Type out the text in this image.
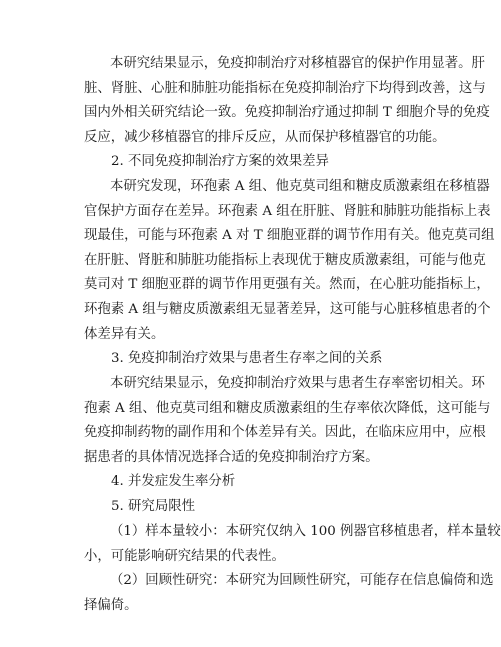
本研究结果显示，免疫抑制治疗对移植器官的保护作用显著。肝
脏、肾脏、心脏和肺脏功能指标在免疫抑制治疗下均得到改善，这与
国内外相关研究结论一致。免疫抑制治疗通过抑制 T 细胞介导的免疫
反应，减少移植器官的排斥反应，从而保护移植器官的功能。
2. 不同免疫抑制治疗方案的效果差异
本研究发现，环孢素 A 组、他克莫司组和糖皮质激素组在移植器
官保护方面存在差异。环孢素 A 组在肝脏、肾脏和肺脏功能指标上表
现最佳，可能与环孢素 A 对 T 细胞亚群的调节作用有关。他克莫司组
在肝脏、肾脏和肺脏功能指标上表现优于糖皮质激素组，可能与他克
莫司对 T 细胞亚群的调节作用更强有关。然而，在心脏功能指标上，
环孢素 A 组与糖皮质激素组无显著差异，这可能与心脏移植患者的个
体差异有关。
3. 免疫抑制治疗效果与患者生存率之间的关系
本研究结果显示，免疫抑制治疗效果与患者生存率密切相关。环
孢素 A 组、他克莫司组和糖皮质激素组的生存率依次降低，这可能与
免疫抑制药物的副作用和个体差异有关。因此，在临床应用中，应根
据患者的具体情况选择合适的免疫抑制治疗方案。
4. 并发症发生率分析
5. 研究局限性
（1）样本量较小：本研究仅纳入 100 例器官移植患者，样本量较
小，可能影响研究结果的代表性。
（2）回顾性研究：本研究为回顾性研究，可能存在信息偏倚和选
择偏倚。
